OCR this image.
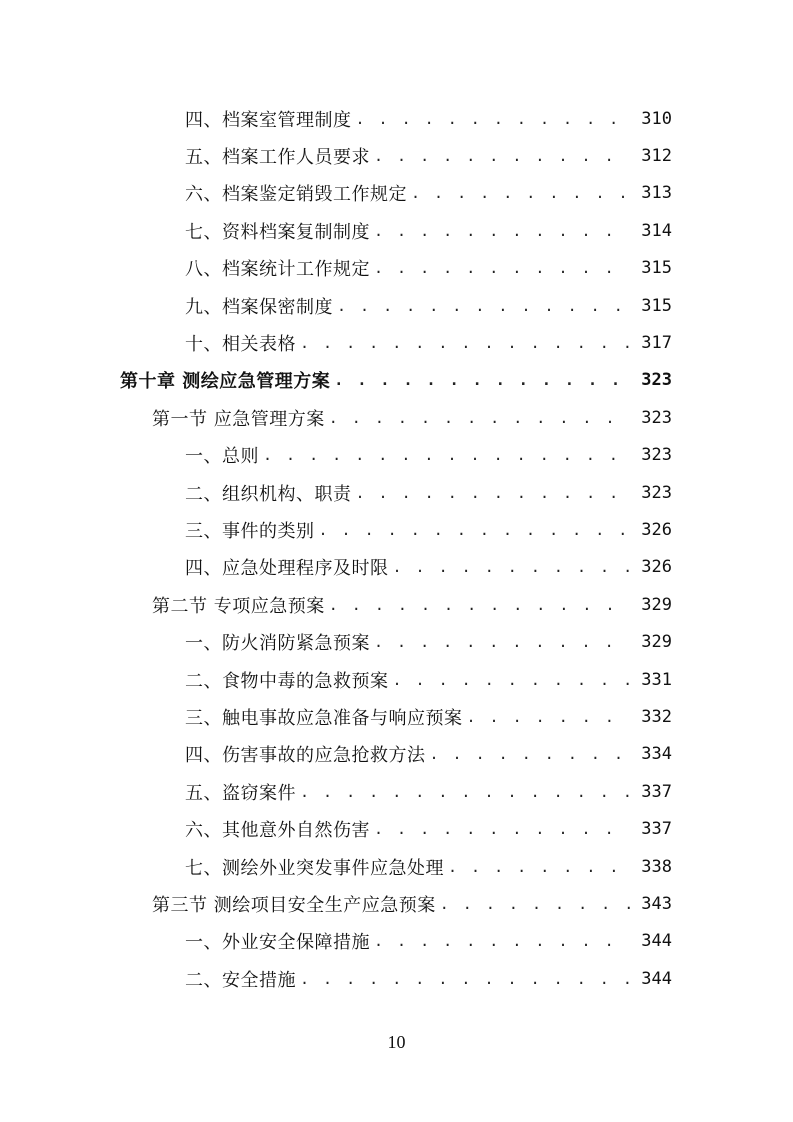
四、档案室管理制度 . . .	310
五、档案工作人员要求 . . .	312
六、档案鉴定销毁工作规定 . . .	313
七、资料档案复制制度 . . .	314
八、档案统计工作规定 . . .	315
九、档案保密制度 . . .	315
十、相关表格 . . .	317
第十章 测绘应急管理方案 . . .	323
第一节 应急管理方案 . . .	323
一、总则 . . .	323
二、组织机构、职责 . . .	323
三、事件的类别 . . .	326
四、应急处理程序及时限 . . .	326
第二节 专项应急预案 . . .	329
一、防火消防紧急预案 . . .	329
二、食物中毒的急救预案 . . .	331
三、触电事故应急准备与响应预案 . . .	332
四、伤害事故的应急抢救方法 . . .	334
五、盗窃案件 . . .	337
六、其他意外自然伤害 . . .	337
七、测绘外业突发事件应急处理 . . .	338
第三节 测绘项目安全生产应急预案 . . .	343
一、外业安全保障措施 . . .	344
二、安全措施 . . .	344
10
